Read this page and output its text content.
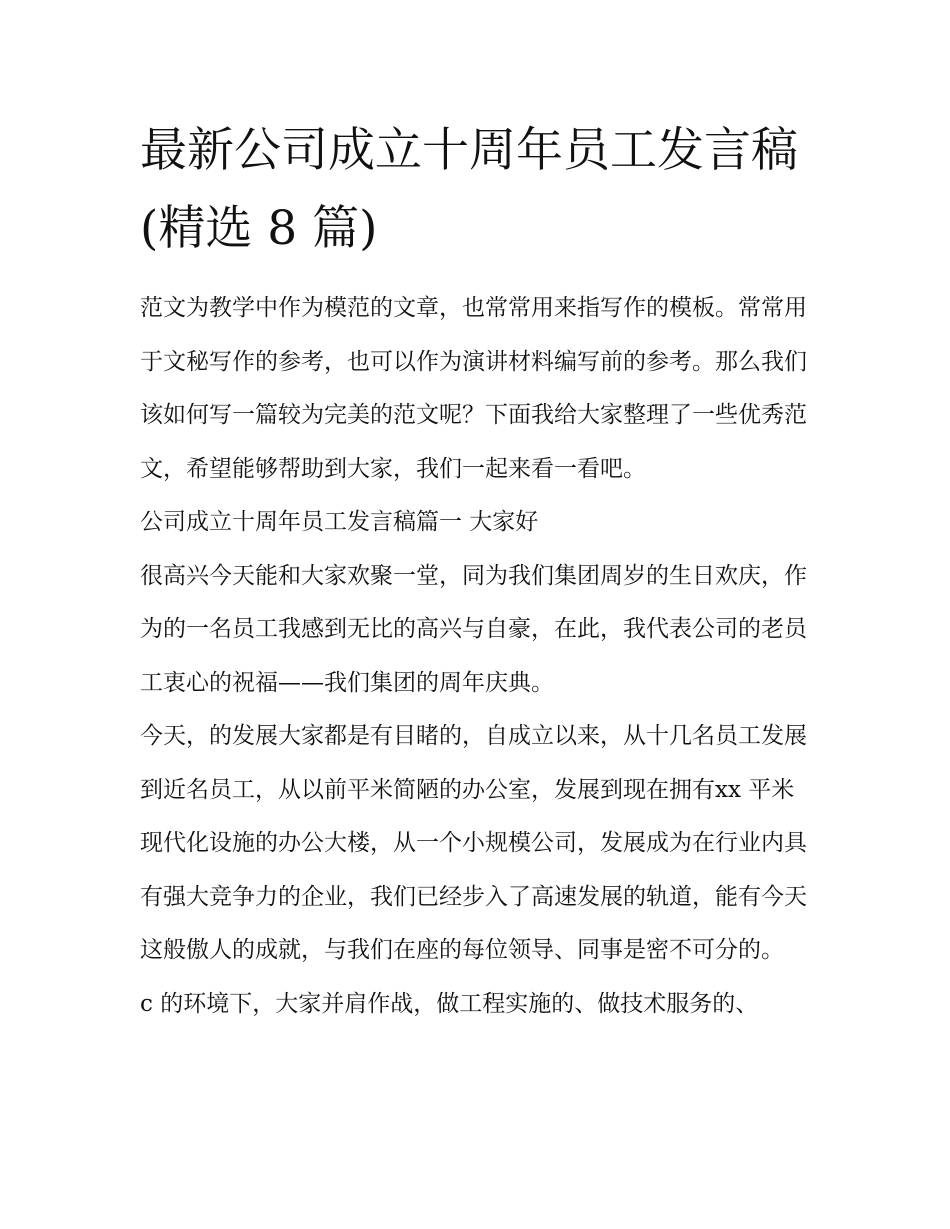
最新公司成立十周年员工发言稿(精选 8 篇)

范文为教学中作为模范的文章，也常常用来指写作的模板。常常用于文秘写作的参考，也可以作为演讲材料编写前的参考。那么我们该如何写一篇较为完美的范文呢？下面我给大家整理了一些优秀范文，希望能够帮助到大家，我们一起来看一看吧。

公司成立十周年员工发言稿篇一 大家好

很高兴今天能和大家欢聚一堂，同为我们集团周岁的生日欢庆，作为的一名员工我感到无比的高兴与自豪，在此，我代表公司的老员工衷心的祝福——我们集团的周年庆典。

今天，的发展大家都是有目睹的，自成立以来，从十几名员工发展到近名员工，从以前平米简陋的办公室，发展到现在拥有xx 平米现代化设施的办公大楼，从一个小规模公司，发展成为在行业内具有强大竞争力的企业，我们已经步入了高速发展的轨道，能有今天这般傲人的成就，与我们在座的每位领导、同事是密不可分的。

c 的环境下，大家并肩作战，做工程实施的、做技术服务的、
